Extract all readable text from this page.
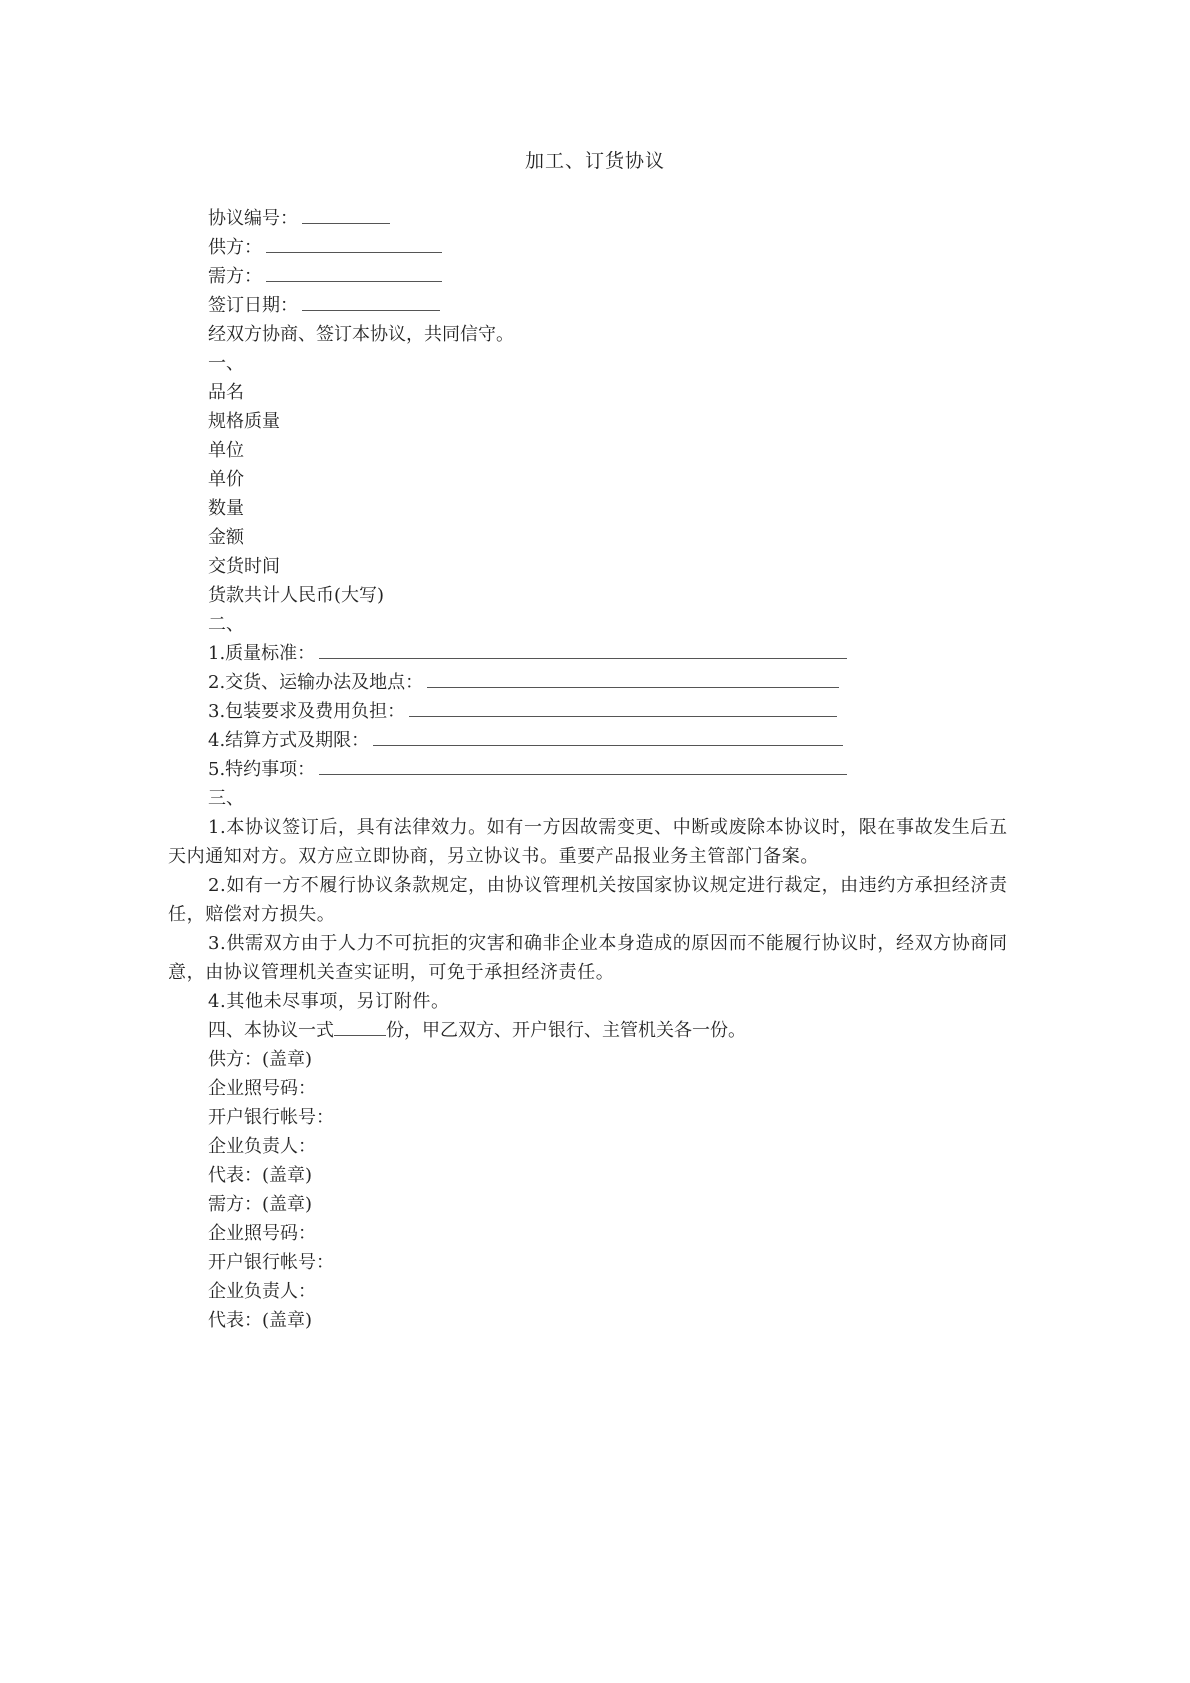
加工、订货协议
协议编号：
供方：
需方：
签订日期：
经双方协商、签订本协议，共同信守。
一、
品名
规格质量
单位
单价
数量
金额
交货时间
货款共计人民币(大写)
二、
1.质量标准：
2.交货、运输办法及地点：
3.包装要求及费用负担：
4.结算方式及期限：
5.特约事项：
三、
1.本协议签订后，具有法律效力。如有一方因故需变更、中断或废除本协议时，限在事故发生后五天内通知对方。双方应立即协商，另立协议书。重要产品报业务主管部门备案。
2.如有一方不履行协议条款规定，由协议管理机关按国家协议规定进行裁定，由违约方承担经济责任，赔偿对方损失。
3.供需双方由于人力不可抗拒的灾害和确非企业本身造成的原因而不能履行协议时，经双方协商同意，由协议管理机关查实证明，可免于承担经济责任。
4.其他未尽事项，另订附件。
四、本协议一式	份，甲乙双方、开户银行、主管机关各一份。
供方：(盖章)
企业照号码：
开户银行帐号：
企业负责人：
代表：(盖章)
需方：(盖章)
企业照号码：
开户银行帐号：
企业负责人：
代表：(盖章)
